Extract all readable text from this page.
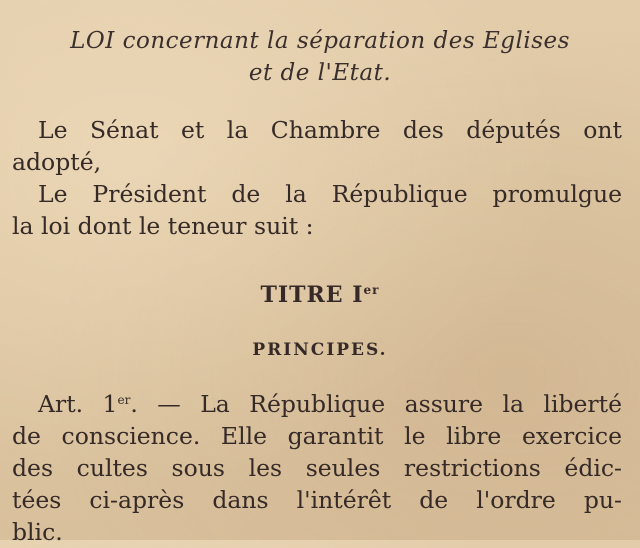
LOI concernant la séparation des Eglises
et de l'Etat.
Le Sénat et la Chambre des députés ont
adopté,
Le Président de la République promulgue
la loi dont le teneur suit :
TITRE Ier
PRINCIPES.
Art. 1er. — La République assure la liberté
de conscience. Elle garantit le libre exercice
des cultes sous les seules restrictions édic-
tées ci-après dans l'intérêt de l'ordre pu-
blic.
